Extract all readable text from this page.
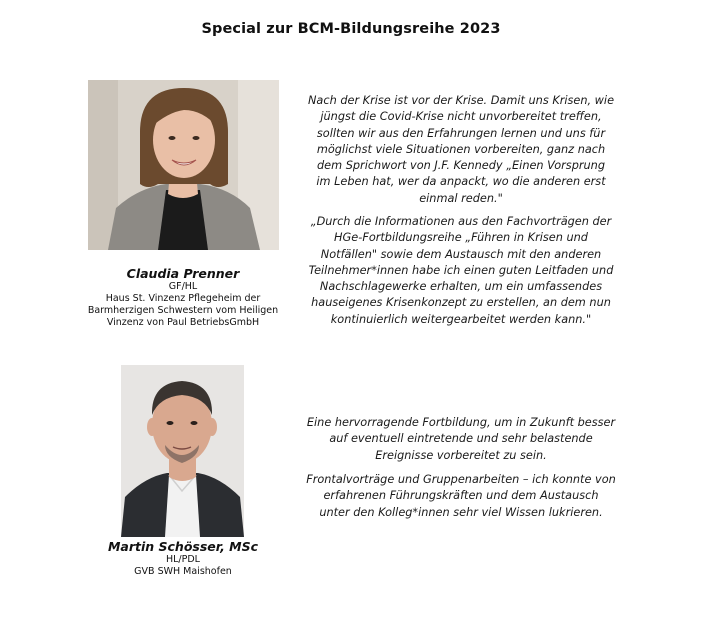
Special zur BCM-Bildungsreihe 2023
Claudia Prenner
GF/HL
Haus St. Vinzenz Pflegeheim der
Barmherzigen Schwestern vom Heiligen
Vinzenz von Paul BetriebsGmbH

Nach der Krise ist vor der Krise. Damit uns Krisen, wie

jüngst die Covid-Krise nicht unvorbereitet treffen,

sollten wir aus den Erfahrungen lernen und uns für

möglichst viele Situationen vorbereiten, ganz nach

dem Sprichwort von J.F. Kennedy „Einen Vorsprung

im Leben hat, wer da anpackt, wo die anderen erst

einmal reden."

„Durch die Informationen aus den Fachvorträgen der

HGe-Fortbildungsreihe „Führen in Krisen und

Notfällen" sowie dem Austausch mit den anderen

Teilnehmer*innen habe ich einen guten Leitfaden und

Nachschlagewerke erhalten, um ein umfassendes

hauseigenes Krisenkonzept zu erstellen, an dem nun

kontinuierlich weitergearbeitet werden kann."

Martin Schösser, MSc
HL/PDL
GVB SWH Maishofen

Eine hervorragende Fortbildung, um in Zukunft besser

auf eventuell eintretende und sehr belastende

Ereignisse vorbereitet zu sein.

Frontalvorträge und Gruppenarbeiten – ich konnte von

erfahrenen Führungskräften und dem Austausch

unter den Kolleg*innen sehr viel Wissen lukrieren.
